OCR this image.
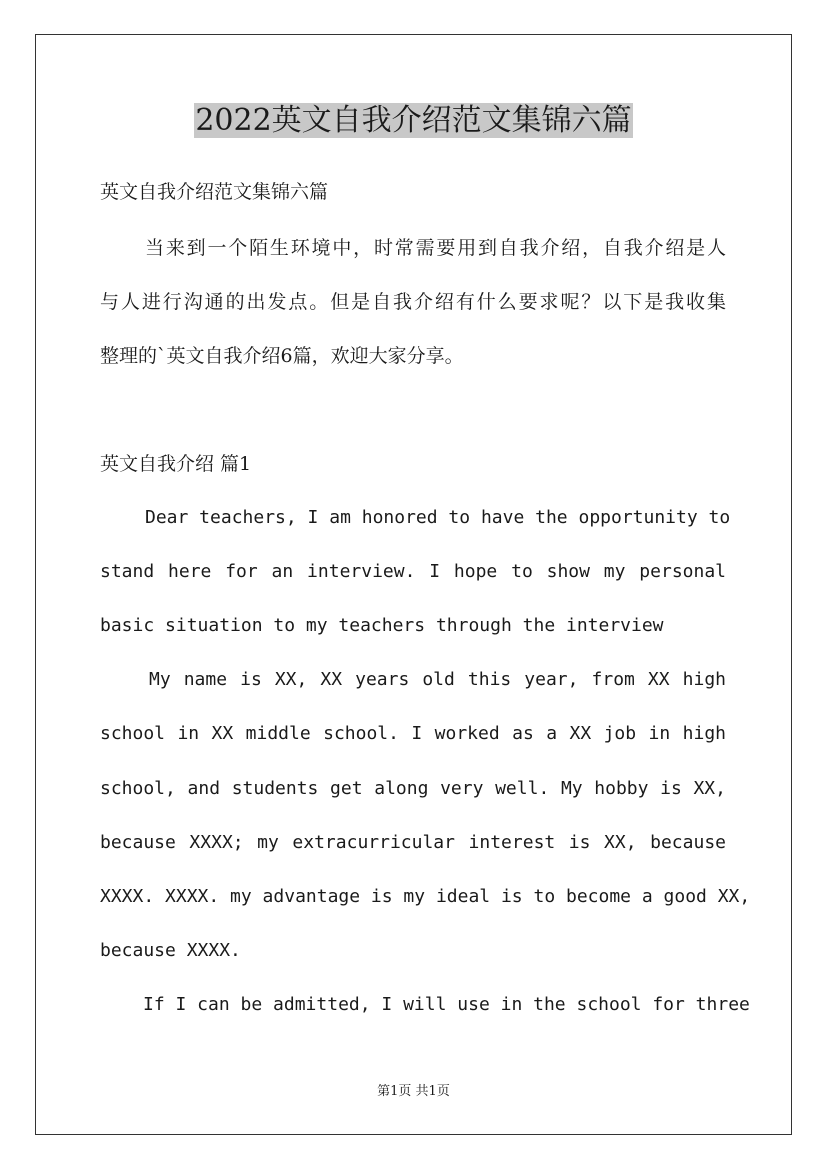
2022英文自我介绍范文集锦六篇

英文自我介绍范文集锦六篇

当来到一个陌生环境中，时常需要用到自我介绍，自我介绍是人

与人进行沟通的出发点。但是自我介绍有什么要求呢？以下是我收集

整理的`英文自我介绍6篇，欢迎大家分享。

英文自我介绍 篇1

Dear teachers, I am honored to have the opportunity to

stand here for an interview. I hope to show my personal

basic situation to my teachers through the interview

My name is XX, XX years old this year, from XX high

school in XX middle school. I worked as a XX job in high

school, and students get along very well. My hobby is XX,

because XXXX; my extracurricular interest is XX, because

XXXX. XXXX. my advantage is my ideal is to become a good XX,

because XXXX.

If I can be admitted, I will use in the school for three

第1页 共1页
